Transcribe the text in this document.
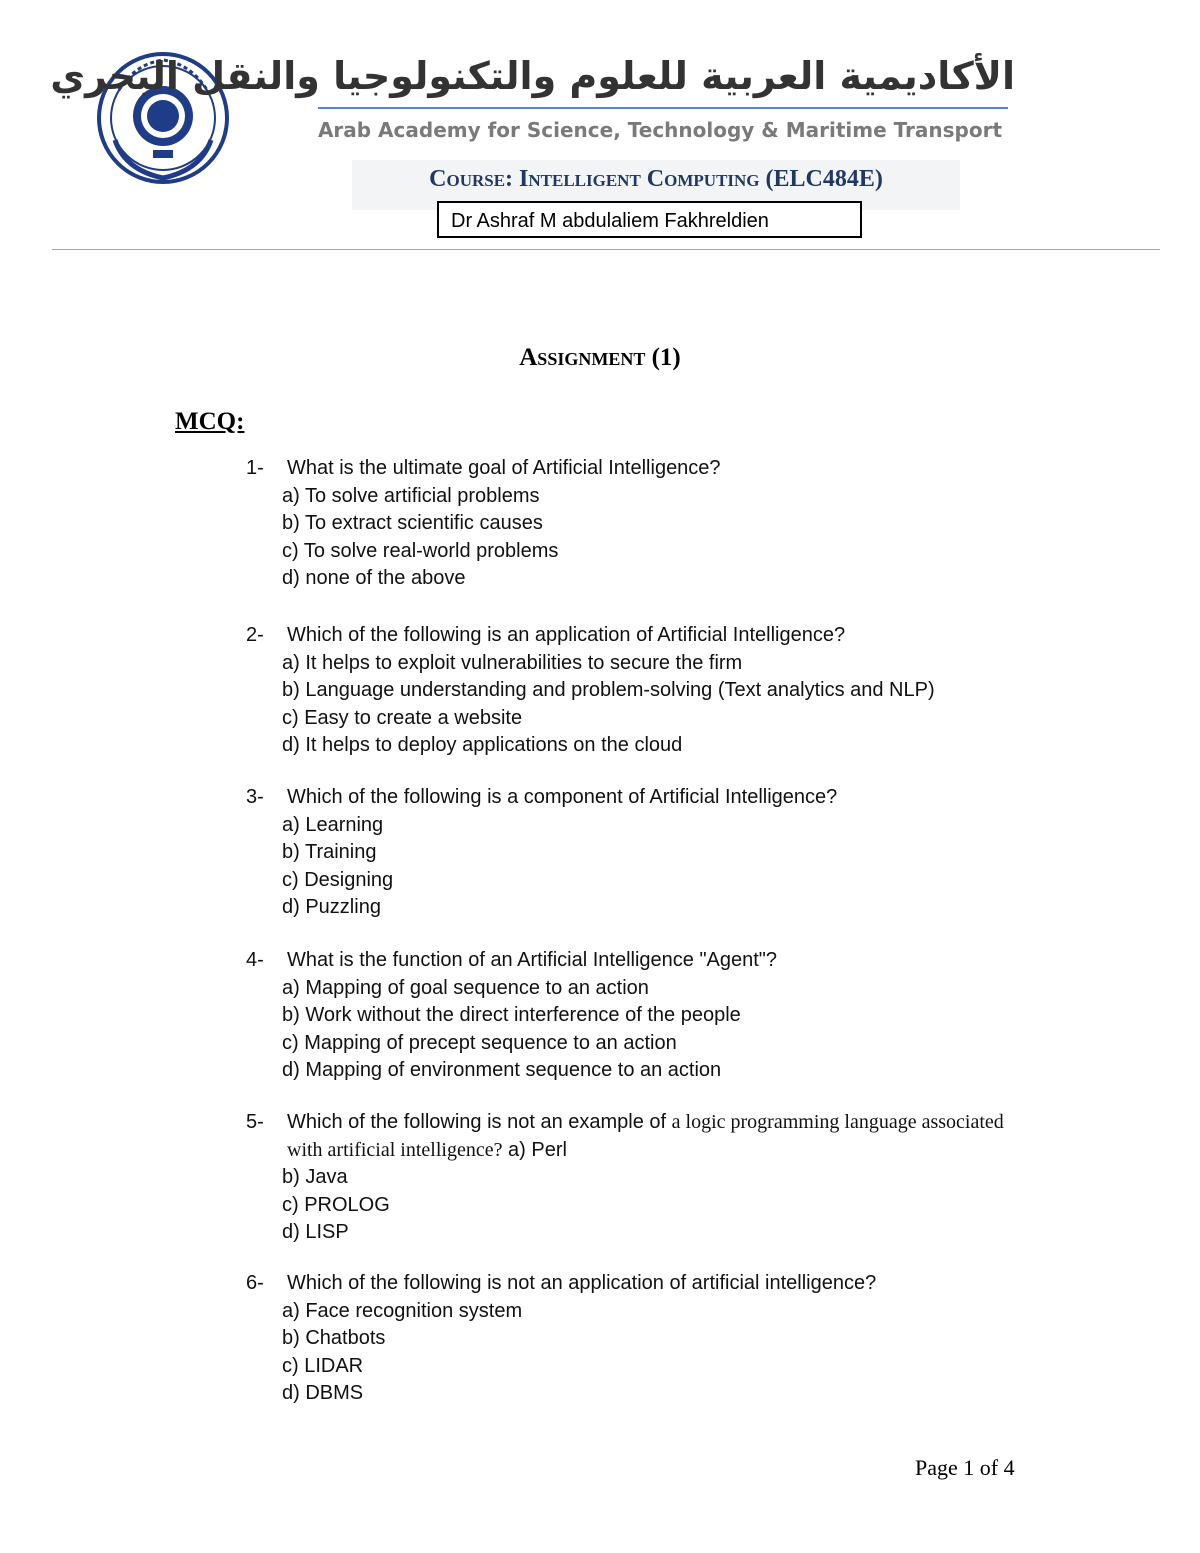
الأكاديمية العربية للعلوم والتكنولوجيا والنقل البحري
Arab Academy for Science, Technology & Maritime Transport
Course: Intelligent Computing (ELC484E)
Dr Ashraf M abdulaliem Fakhreldien
Assignment (1)
MCQ:
1- What is the ultimate goal of Artificial Intelligence?
a) To solve artificial problems
b) To extract scientific causes
c) To solve real-world problems
d) none of the above
2- Which of the following is an application of Artificial Intelligence?
a) It helps to exploit vulnerabilities to secure the firm
b) Language understanding and problem-solving (Text analytics and NLP)
c) Easy to create a website
d) It helps to deploy applications on the cloud
3- Which of the following is a component of Artificial Intelligence?
a) Learning
b) Training
c) Designing
d) Puzzling
4- What is the function of an Artificial Intelligence "Agent"?
a) Mapping of goal sequence to an action
b) Work without the direct interference of the people
c) Mapping of precept sequence to an action
d) Mapping of environment sequence to an action
5- Which of the following is not an example of a logic programming language associated
with artificial intelligence? a) Perl
b) Java
c) PROLOG
d) LISP
6- Which of the following is not an application of artificial intelligence?
a) Face recognition system
b) Chatbots
c) LIDAR
d) DBMS
Page 1 of 4
